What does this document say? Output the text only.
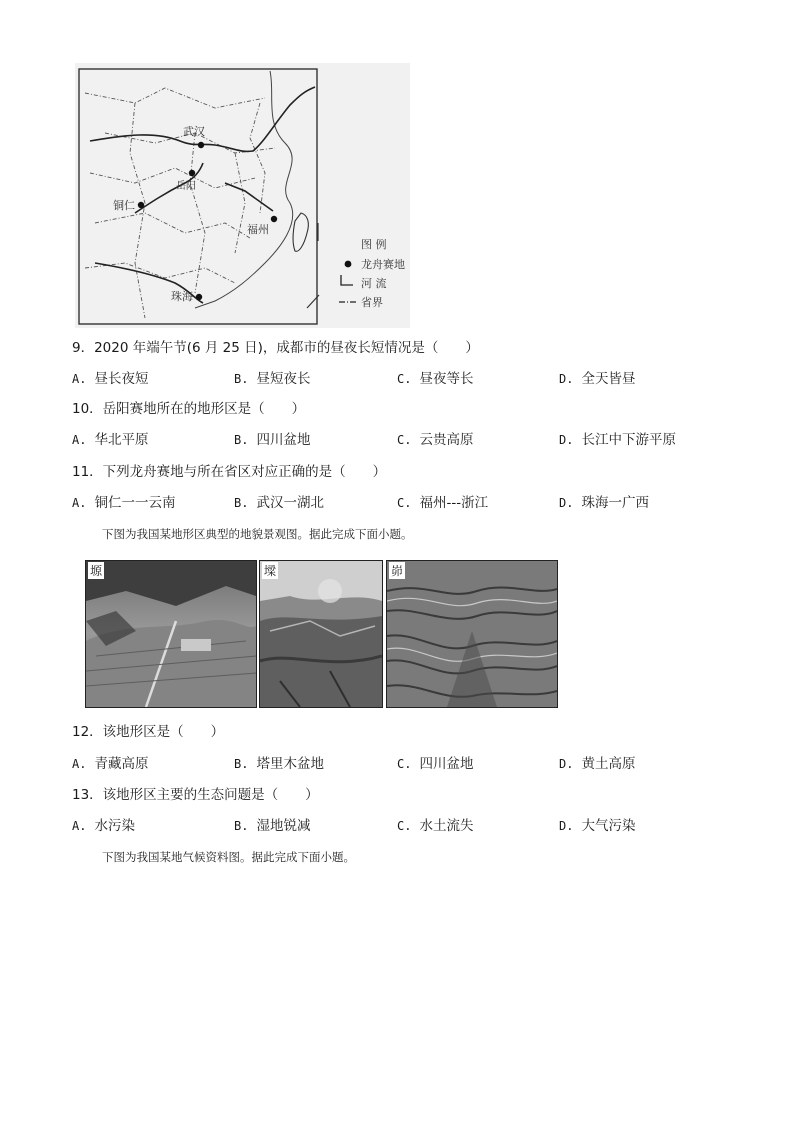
武汉
岳阳
铜仁
福州
珠海
图 例
龙舟赛地
河 流
省界
9．2020 年端午节(6 月 25 日)，成都市的昼夜长短情况是（　　）
A. 昼长夜短	B. 昼短夜长	C. 昼夜等长	D. 全天皆昼
10．岳阳赛地所在的地形区是（　　）
A. 华北平原	B. 四川盆地	C. 云贵高原	D. 长江中下游平原
11．下列龙舟赛地与所在省区对应正确的是（　　）
A. 铜仁一一云南	B. 武汉一湖北	C. 福州---浙江	D. 珠海一广西
下图为我国某地形区典型的地貌景观图。据此完成下面小题。
塬	墚	峁
12．该地形区是（　　）
A. 青藏高原	B. 塔里木盆地	C. 四川盆地	D. 黄土高原
13．该地形区主要的生态问题是（　　）
A. 水污染	B. 湿地锐减	C. 水土流失	D. 大气污染
下图为我国某地气候资料图。据此完成下面小题。
